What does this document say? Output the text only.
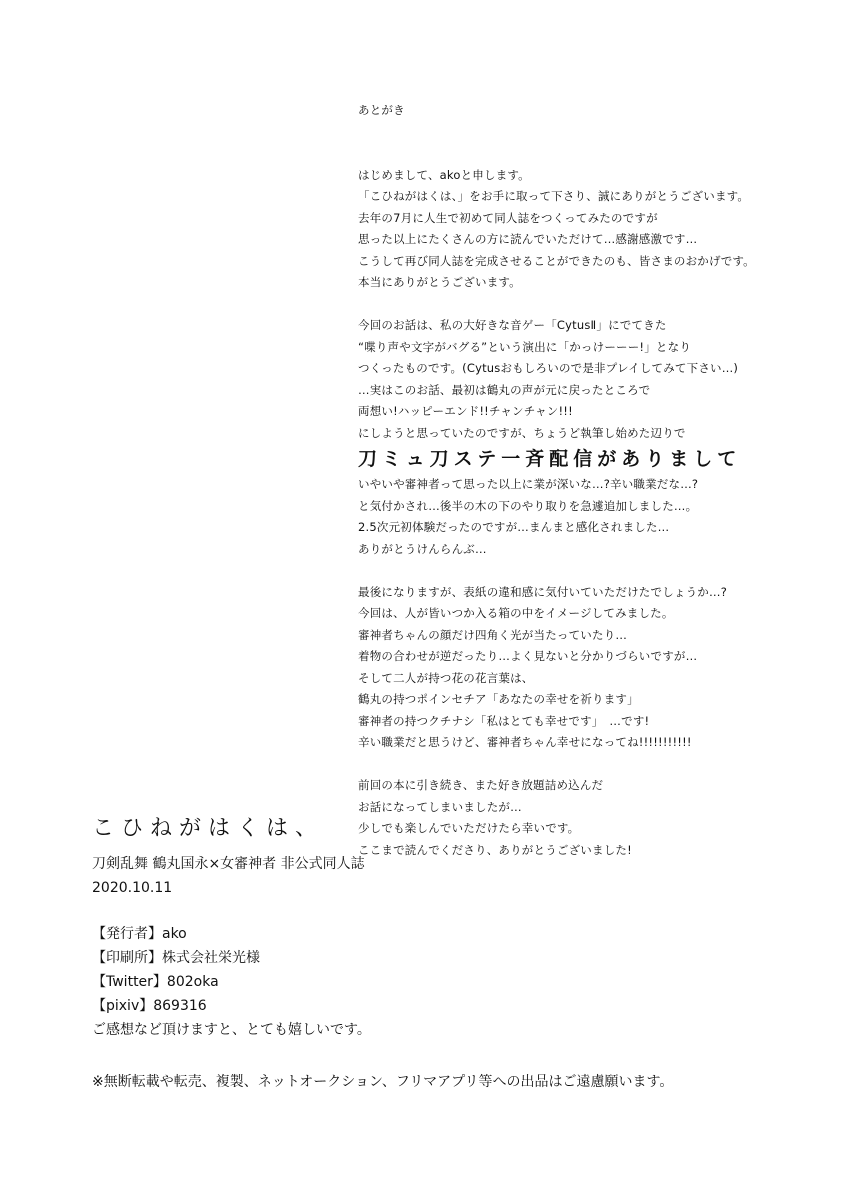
あとがき
はじめまして、akoと申します。
「こひねがはくは、」をお手に取って下さり、誠にありがとうございます。
去年の7月に人生で初めて同人誌をつくってみたのですが
思った以上にたくさんの方に読んでいただけて…感謝感激です…
こうして再び同人誌を完成させることができたのも、皆さまのおかげです。
本当にありがとうございます。
今回のお話は、私の大好きな音ゲー「CytusⅡ」にでてきた
“喋り声や文字がバグる”という演出に「かっけーーー!」となり
つくったものです。(Cytusおもしろいので是非プレイしてみて下さい…)
…実はこのお話、最初は鶴丸の声が元に戻ったところで
両想い!ハッピーエンド!!チャンチャン!!!
にしようと思っていたのですが、ちょうど執筆し始めた辺りで
刀ミュ刀ステ一斉配信がありまして
いやいや審神者って思った以上に業が深いな…?辛い職業だな…?
と気付かされ…後半の木の下のやり取りを急遽追加しました…。
2.5次元初体験だったのですが…まんまと感化されました…
ありがとうけんらんぶ…
最後になりますが、表紙の違和感に気付いていただけたでしょうか…?
今回は、人が皆いつか入る箱の中をイメージしてみました。
審神者ちゃんの顔だけ四角く光が当たっていたり…
着物の合わせが逆だったり…よく見ないと分かりづらいですが…
そして二人が持つ花の花言葉は、
鶴丸の持つポインセチア「あなたの幸せを祈ります」
審神者の持つクチナシ「私はとても幸せです」　…です!
辛い職業だと思うけど、審神者ちゃん幸せになってね!!!!!!!!!!!
前回の本に引き続き、また好き放題詰め込んだ
お話になってしまいましたが…
少しでも楽しんでいただけたら幸いです。
ここまで読んでくださり、ありがとうございました!
こひねがはくは、
刀剣乱舞 鶴丸国永×女審神者 非公式同人誌
2020.10.11
【発行者】ako
【印刷所】株式会社栄光様
【Twitter】802oka
【pixiv】869316
ご感想など頂けますと、とても嬉しいです。
※無断転載や転売、複製、ネットオークション、フリマアプリ等への出品はご遠慮願います。
